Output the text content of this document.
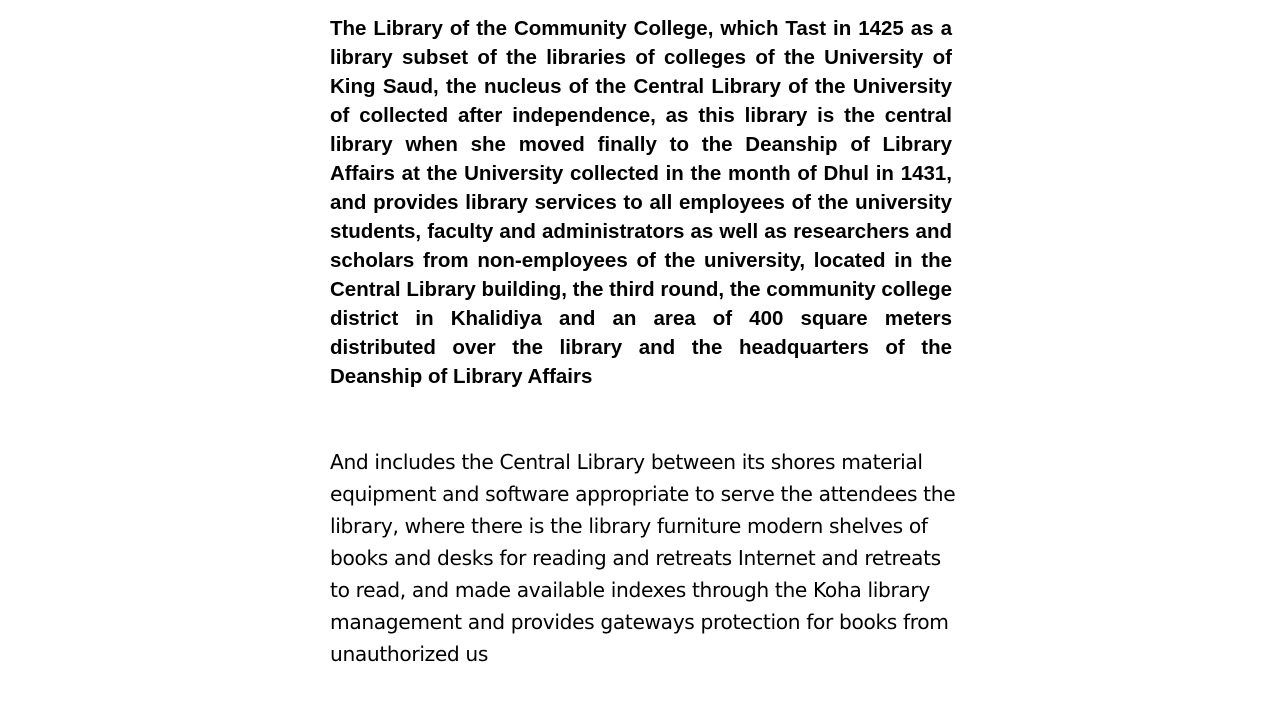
The Library of the Community College, which Tast in 1425 as a library subset of the libraries of colleges of the University of King Saud, the nucleus of the Central Library of the University of collected after independence, as this library is the central library when she moved finally to the Deanship of Library Affairs at the University collected in the month of Dhul in 1431, and provides library services to all employees of the university students, faculty and administrators as well as researchers and scholars from non-employees of the university, located in the Central Library building, the third round, the community college district in Khalidiya and an area of 400 square meters distributed over the library and the headquarters of the Deanship of Library Affairs

And includes the Central Library between its shores material equipment and software appropriate to serve the attendees the library, where there is the library furniture modern shelves of books and desks for reading and retreats Internet and retreats to read, and made available indexes through the Koha library management and provides gateways protection for books from unauthorized us
